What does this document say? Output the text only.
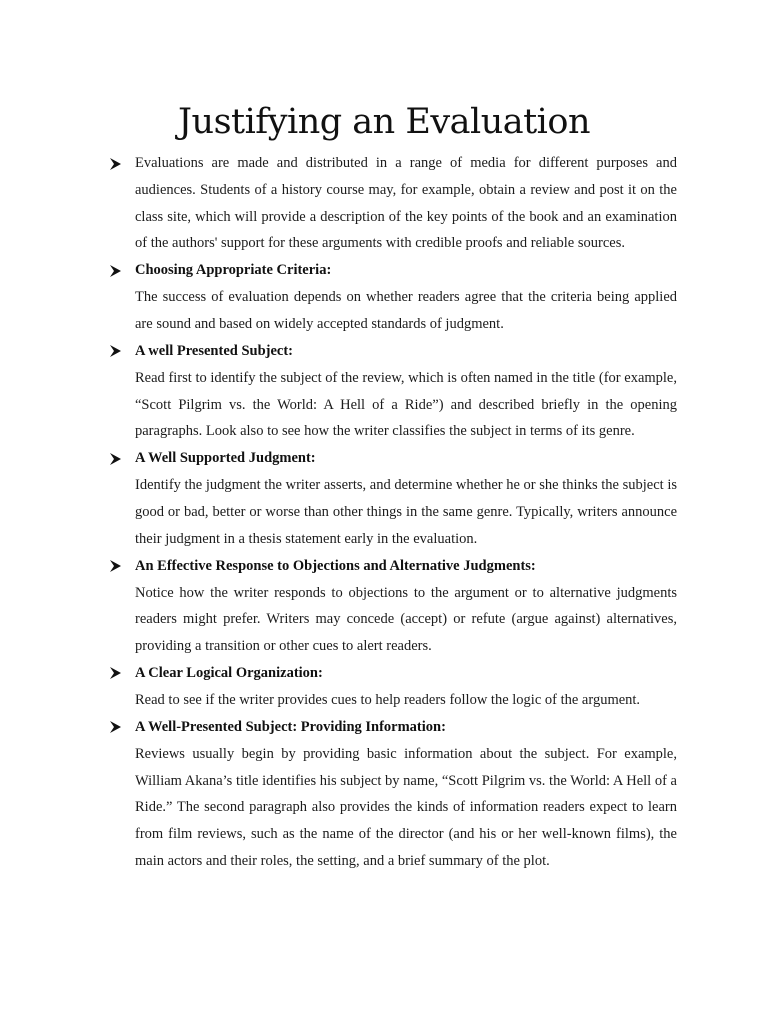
Justifying an Evaluation

Evaluations are made and distributed in a range of media for different purposes and audiences. Students of a history course may, for example, obtain a review and post it on the class site, which will provide a description of the key points of the book and an examination of the authors' support for these arguments with credible proofs and reliable sources.

Choosing Appropriate Criteria:

The success of evaluation depends on whether readers agree that the criteria being applied are sound and based on widely accepted standards of judgment.

A well Presented Subject:

Read first to identify the subject of the review, which is often named in the title (for example, “Scott Pilgrim vs. the World: A Hell of a Ride”) and described briefly in the opening paragraphs. Look also to see how the writer classifies the subject in terms of its genre.

A Well Supported Judgment:

Identify the judgment the writer asserts, and determine whether he or she thinks the subject is good or bad, better or worse than other things in the same genre. Typically, writers announce their judgment in a thesis statement early in the evaluation.

An Effective Response to Objections and Alternative Judgments:

Notice how the writer responds to objections to the argument or to alternative judgments readers might prefer. Writers may concede (accept) or refute (argue against) alternatives, providing a transition or other cues to alert readers.

A Clear Logical Organization:

Read to see if the writer provides cues to help readers follow the logic of the argument.

A Well-Presented Subject: Providing Information:

Reviews usually begin by providing basic information about the subject. For example, William Akana’s title identifies his subject by name, “Scott Pilgrim vs. the World: A Hell of a Ride.” The second paragraph also provides the kinds of information readers expect to learn from film reviews, such as the name of the director (and his or her well-known films), the main actors and their roles, the setting, and a brief summary of the plot.
